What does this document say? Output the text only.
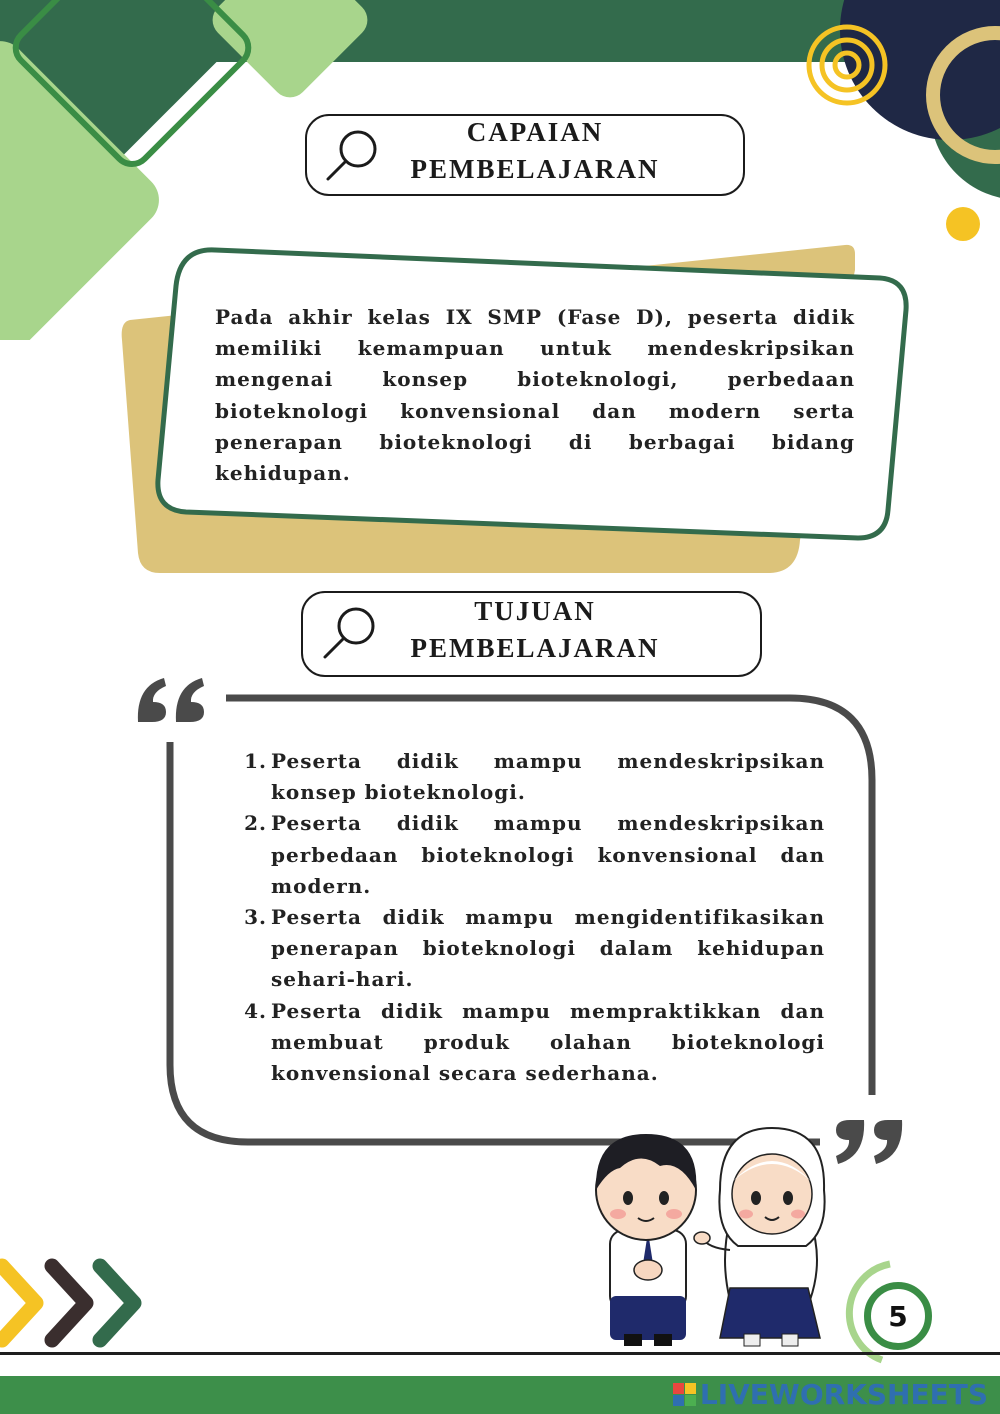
CAPAIAN
PEMBELAJARAN
Pada akhir kelas IX SMP (Fase D), peserta didik memiliki kemampuan untuk mendeskripsikan mengenai konsep bioteknologi, perbedaan bioteknologi konvensional dan modern serta penerapan bioteknologi di berbagai bidang kehidupan.
TUJUAN
PEMBELAJARAN
1. Peserta didik mampu mendeskripsikan konsep bioteknologi.
2. Peserta didik mampu mendeskripsikan perbedaan bioteknologi konvensional dan modern.
3. Peserta didik mampu mengidentifikasikan penerapan bioteknologi dalam kehidupan sehari-hari.
4. Peserta didik mampu mempraktikkan dan membuat produk olahan bioteknologi konvensional secara sederhana.
5
LIVEWORKSHEETS
